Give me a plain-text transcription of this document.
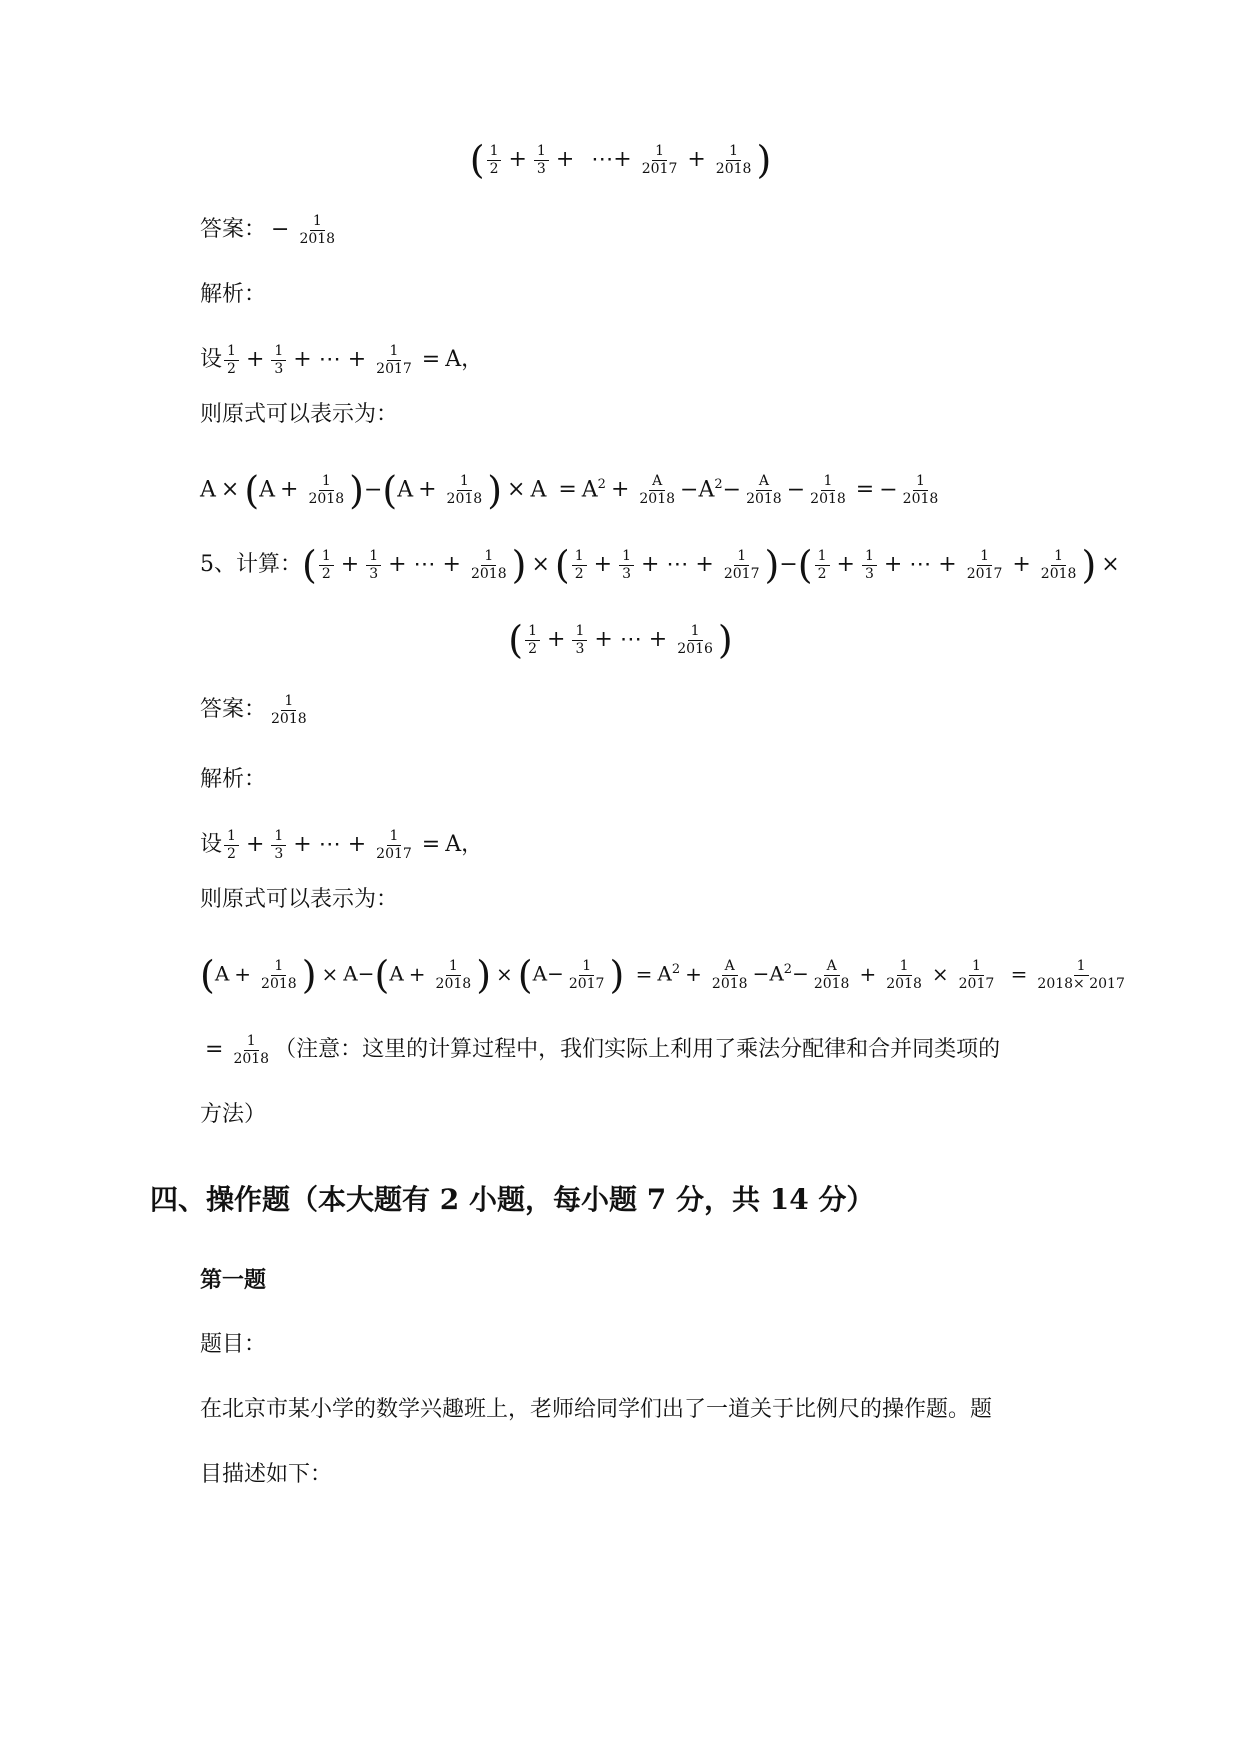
( $\frac{1}{2} + \frac{1}{3}$ + ⋯+ $\frac{1}{2017} + \frac{1}{2018}$ )
答案： − $\frac{1}{2018}$
解析：
设 $\frac{1}{2} + \frac{1}{3}$ + ⋯ + $\frac{1}{2017} = A$，
则原式可以表示为：
$A \times (A + \frac{1}{2018} )-(A + \frac{1}{2018}$ ) × $A = A^2 + \frac{A}{2018} -A^2- \frac{A}{2018} - \frac{1}{2018}$ = − $\frac{1}{2018}$
5、计算：( $\frac{1}{2} + \frac{1}{3}$ + ⋯ + $\frac{1}{2018}$ ) × ( $\frac{1}{2} + \frac{1}{3}$ + ⋯ + $\frac{1}{2017}$ )−( $\frac{1}{2} + \frac{1}{3}$ + ⋯ + $\frac{1}{2017} + \frac{1}{2018}$ ) ×
( $\frac{1}{2} + \frac{1}{3}$ + ⋯ + $\frac{1}{2016}$ )
答案： $\frac{1}{2018}$
解析：
设 $\frac{1}{2} + \frac{1}{3}$ + ⋯ + $\frac{1}{2017} = A$，
则原式可以表示为：
($A + \frac{1}{2018}$ ) × $A-(A + \frac{1}{2018}$ ) × ($A- \frac{1}{2017}$ ) = $A^2 + \frac{A}{2018} -A^2- \frac{A}{2018} + \frac{1}{2018} \times \frac{1}{2017} = \frac{1}{2018\times 2017}$
= $\frac{1}{2018}$ （注意：这里的计算过程中，我们实际上利用了乘法分配律和合并同类项的
方法）
四、操作题（本大题有 2 小题，每小题 7 分，共 14 分）
第一题
题目：
在北京市某小学的数学兴趣班上，老师给同学们出了一道关于比例尺的操作题。题
目描述如下：
